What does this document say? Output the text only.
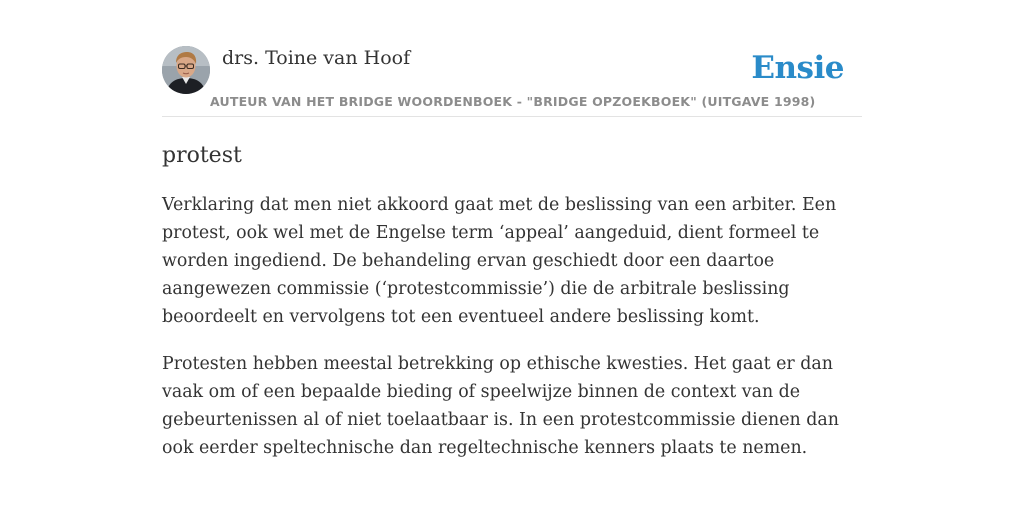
drs. Toine van Hoof
AUTEUR VAN HET BRIDGE WOORDENBOEK - "BRIDGE OPZOEKBOEK" (UITGAVE 1998)
Ensie
protest

Verklaring dat men niet akkoord gaat met de beslissing van een arbiter. Een protest, ook wel met de Engelse term ‘appeal’ aangeduid, dient formeel te worden ingediend. De behandeling ervan geschiedt door een daartoe aangewezen commissie (‘protestcommissie’) die de arbitrale beslissing beoordeelt en vervolgens tot een eventueel andere beslissing komt.

Protesten hebben meestal betrekking op ethische kwesties. Het gaat er dan vaak om of een bepaalde bieding of speelwijze binnen de context van de gebeurtenissen al of niet toelaatbaar is. In een protestcommissie dienen dan ook eerder speltechnische dan regeltechnische kenners plaats te nemen.
